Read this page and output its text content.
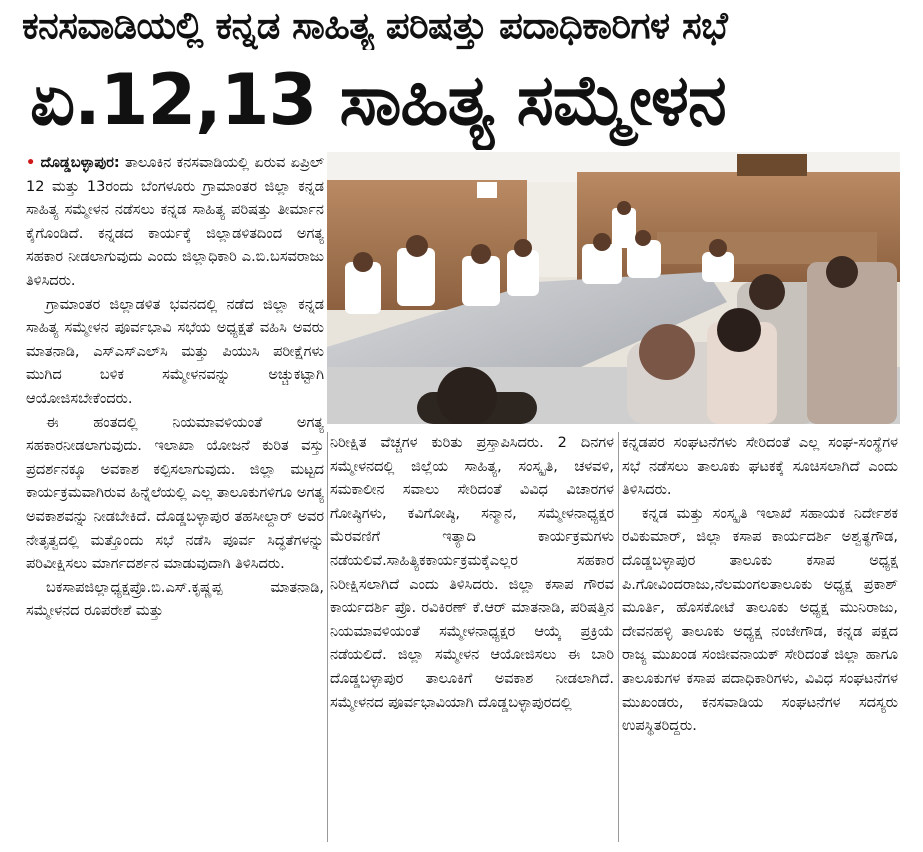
ಕನಸವಾಡಿಯಲ್ಲಿ ಕನ್ನಡ ಸಾಹಿತ್ಯ ಪರಿಷತ್ತು ಪದಾಧಿಕಾರಿಗಳ ಸಭೆ
ಏ.12,13 ಸಾಹಿತ್ಯ ಸಮ್ಮೇಳನ

• ದೊಡ್ಡಬಳ್ಳಾಪುರ: ತಾಲೂಕಿನ ಕನಸವಾಡಿಯಲ್ಲಿ ಏರುವ ಏಪ್ರಿಲ್ 12 ಮತ್ತು 13ರಂದು ಬೆಂಗಳೂರು ಗ್ರಾಮಾಂತರ ಜಿಲ್ಲಾ ಕನ್ನಡ ಸಾಹಿತ್ಯ ಸಮ್ಮೇಳನ ನಡೆಸಲು ಕನ್ನಡ ಸಾಹಿತ್ಯ ಪರಿಷತ್ತು ತೀರ್ಮಾನ ಕೈಗೊಂಡಿದೆ. ಕನ್ನಡದ ಕಾರ್ಯಕ್ಕೆ ಜಿಲ್ಲಾಡಳಿತದಿಂದ ಅಗತ್ಯ ಸಹಕಾರ ನೀಡಲಾಗುವುದು ಎಂದು ಜಿಲ್ಲಾಧಿಕಾರಿ ಎ.ಬಿ.ಬಸವರಾಜು ತಿಳಿಸಿದರು.

ಗ್ರಾಮಾಂತರ ಜಿಲ್ಲಾಡಳಿತ ಭವನದಲ್ಲಿ ನಡೆದ ಜಿಲ್ಲಾ ಕನ್ನಡ ಸಾಹಿತ್ಯ ಸಮ್ಮೇಳನ ಪೂರ್ವಭಾವಿ ಸಭೆಯ ಅಧ್ಯಕ್ಷತೆ ವಹಿಸಿ ಅವರು ಮಾತನಾಡಿ, ಎಸ್‌ಎಸ್‌ಎಲ್‌ಸಿ ಮತ್ತು ಪಿಯುಸಿ ಪರೀಕ್ಷೆಗಳು ಮುಗಿದ ಬಳಿಕ ಸಮ್ಮೇಳನವನ್ನು ಅಚ್ಚುಕಟ್ಟಾಗಿ ಆಯೋಜಿಸಬೇಕೆಂದರು.

ಈ ಹಂತದಲ್ಲಿ ನಿಯಮಾವಳಿಯಂತೆ ಅಗತ್ಯ ಸಹಕಾರನೀಡಲಾಗುವುದು. ಇಲಾಖಾ ಯೋಜನೆ ಕುರಿತ ವಸ್ತು ಪ್ರದರ್ಶನಕ್ಕೂ ಅವಕಾಶ ಕಲ್ಪಿಸಲಾಗುವುದು. ಜಿಲ್ಲಾ ಮಟ್ಟದ ಕಾರ್ಯಕ್ರಮವಾಗಿರುವ ಹಿನ್ನೆಲೆಯಲ್ಲಿ ಎಲ್ಲ ತಾಲೂಕುಗಳಿಗೂ ಅಗತ್ಯ ಅವಕಾಶವನ್ನು ನೀಡಬೇಕಿದೆ. ದೊಡ್ಡಬಳ್ಳಾಪುರ ತಹಸೀಲ್ದಾರ್ ಅವರ ನೇತೃತ್ವದಲ್ಲಿ ಮತ್ತೊಂದು ಸಭೆ ನಡೆಸಿ ಪೂರ್ವ ಸಿದ್ಧತೆಗಳನ್ನು ಪರಿವೀಕ್ಷಿಸಲು ಮಾರ್ಗದರ್ಶನ ಮಾಡುವುದಾಗಿ ತಿಳಿಸಿದರು.

ಬಕಸಾಪಜಿಲ್ಲಾಧ್ಯಕ್ಷಪ್ರೊ.ಬಿ.ಎಸ್.ಕೃಷ್ಣಪ್ಪ ಮಾತನಾಡಿ, ಸಮ್ಮೇಳನದ ರೂಪರೇಶೆ ಮತ್ತು

ನಿರೀಕ್ಷಿತ ವೆಚ್ಚಗಳ ಕುರಿತು ಪ್ರಸ್ತಾಪಿಸಿದರು. 2 ದಿನಗಳ ಸಮ್ಮೇಳನದಲ್ಲಿ ಜಿಲ್ಲೆಯ ಸಾಹಿತ್ಯ, ಸಂಸ್ಕೃತಿ, ಚಳವಳಿ, ಸಮಕಾಲೀನ ಸವಾಲು ಸೇರಿದಂತೆ ವಿವಿಧ ವಿಚಾರಗಳ ಗೋಷ್ಠಿಗಳು, ಕವಿಗೋಷ್ಠಿ, ಸನ್ಮಾನ, ಸಮ್ಮೇಳನಾಧ್ಯಕ್ಷರ ಮೆರವಣಿಗೆ ಇತ್ಯಾದಿ ಕಾರ್ಯಕ್ರಮಗಳು ನಡೆಯಲಿವೆ.ಸಾಹಿತ್ಯಿಕಕಾರ್ಯಕ್ರಮಕ್ಕೆಎಲ್ಲರ ಸಹಕಾರ ನಿರೀಕ್ಷಿಸಲಾಗಿದೆ ಎಂದು ತಿಳಿಸಿದರು. ಜಿಲ್ಲಾ ಕಸಾಪ ಗೌರವ ಕಾರ್ಯದರ್ಶಿ ಪ್ರೊ. ರವಿಕಿರಣ್ ಕೆ.ಆರ್ ಮಾತನಾಡಿ, ಪರಿಷತ್ತಿನ ನಿಯಮಾವಳಿಯಂತೆ ಸಮ್ಮೇಳನಾಧ್ಯಕ್ಷರ ಆಯ್ಕೆ ಪ್ರಕ್ರಿಯೆ ನಡೆಯಲಿದೆ. ಜಿಲ್ಲಾ ಸಮ್ಮೇಳನ ಆಯೋಜಿಸಲು ಈ ಬಾರಿ ದೊಡ್ಡಬಳ್ಳಾಪುರ ತಾಲೂಕಿಗೆ ಅವಕಾಶ ನೀಡಲಾಗಿದೆ. ಸಮ್ಮೇಳನದ ಪೂರ್ವಭಾವಿಯಾಗಿ ದೊಡ್ಡಬಳ್ಳಾಪುರದಲ್ಲಿ

ಕನ್ನಡಪರ ಸಂಘಟನೆಗಳು ಸೇರಿದಂತೆ ಎಲ್ಲ ಸಂಘ-ಸಂಸ್ಥೆಗಳ ಸಭೆ ನಡೆಸಲು ತಾಲೂಕು ಘಟಕಕ್ಕೆ ಸೂಚಿಸಲಾಗಿದೆ ಎಂದು ತಿಳಿಸಿದರು.

ಕನ್ನಡ ಮತ್ತು ಸಂಸ್ಕೃತಿ ಇಲಾಖೆ ಸಹಾಯಕ ನಿರ್ದೇಶಕ ರವಿಕುಮಾರ್, ಜಿಲ್ಲಾ ಕಸಾಪ ಕಾರ್ಯದರ್ಶಿ ಅಶ್ವತ್ಥಗೌಡ, ದೊಡ್ಡಬಳ್ಳಾಪುರ ತಾಲೂಕು ಕಸಾಪ ಅಧ್ಯಕ್ಷ ಪಿ.ಗೋವಿಂದರಾಜು,ನೆಲಮಂಗಲತಾಲೂಕು ಅಧ್ಯಕ್ಷ ಪ್ರಕಾಶ್ ಮೂರ್ತಿ, ಹೊಸಕೋಟೆ ತಾಲೂಕು ಅಧ್ಯಕ್ಷ ಮುನಿರಾಜು, ದೇವನಹಳ್ಳಿ ತಾಲೂಕು ಅಧ್ಯಕ್ಷ ನಂಜೇಗೌಡ, ಕನ್ನಡ ಪಕ್ಷದ ರಾಜ್ಯ ಮುಖಂಡ ಸಂಜೀವನಾಯಕ್ ಸೇರಿದಂತೆ ಜಿಲ್ಲಾ ಹಾಗೂ ತಾಲೂಕುಗಳ ಕಸಾಪ ಪದಾಧಿಕಾರಿಗಳು, ವಿವಿಧ ಸಂಘಟನೆಗಳ ಮುಖಂಡರು, ಕನಸವಾಡಿಯ ಸಂಘಟನೆಗಳ ಸದಸ್ಯರು ಉಪಸ್ಥಿತರಿದ್ದರು.
